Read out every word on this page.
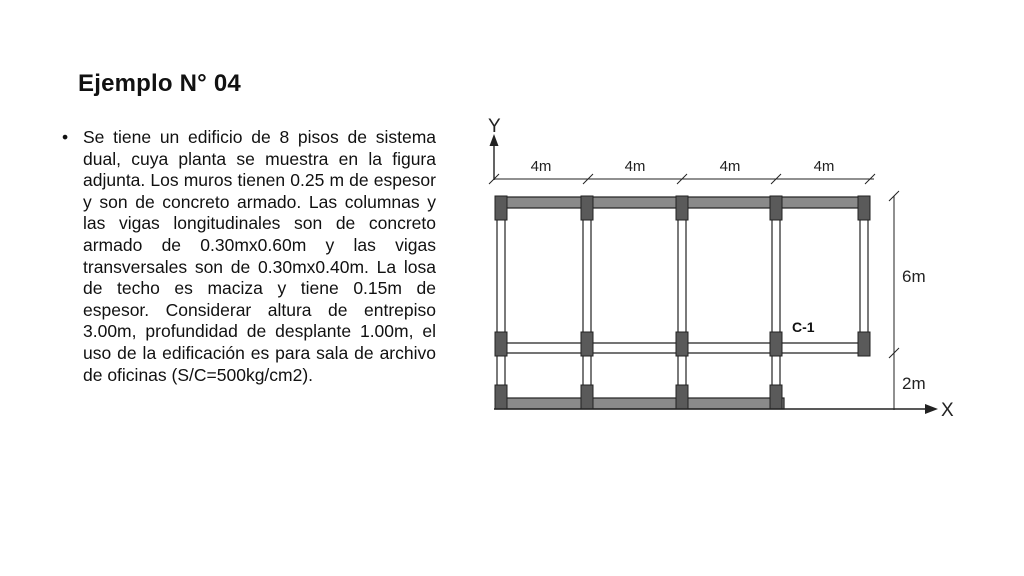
Ejemplo N° 04
• Se tiene un edificio de 8 pisos de sistema dual, cuya planta se muestra en la figura adjunta. Los muros tienen 0.25 m de espesor y son de concreto armado. Las columnas y las vigas longitudinales son de concreto armado de 0.30mx0.60m y las vigas transversales son de 0.30mx0.40m. La losa de techo es maciza y tiene 0.15m de espesor. Considerar altura de entrepiso 3.00m, profundidad de desplante 1.00m, el uso de la edificación es para sala de archivo de oficinas (S/C=500kg/cm2).

Y
4m	4m	4m	4m
6m
2m
X
C-1
